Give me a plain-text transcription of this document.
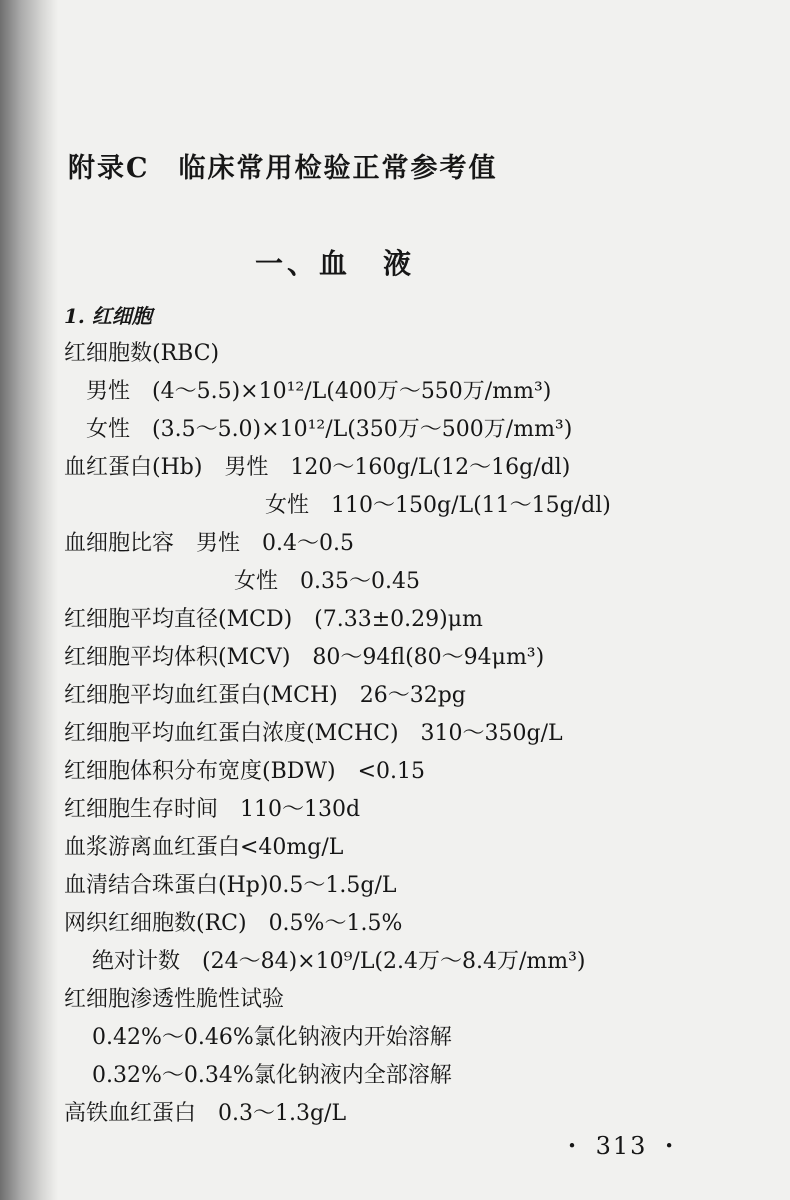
附录C　临床常用检验正常参考值
一、血　液
1. 红细胞
红细胞数(RBC)
男性　(4～5.5)×10¹²/L(400万～550万/mm³)
女性　(3.5～5.0)×10¹²/L(350万～500万/mm³)
血红蛋白(Hb)　男性　120～160g/L(12～16g/dl)
女性　110～150g/L(11～15g/dl)
血细胞比容　男性　0.4～0.5
女性　0.35～0.45
红细胞平均直径(MCD)　(7.33±0.29)μm
红细胞平均体积(MCV)　80～94fl(80～94μm³)
红细胞平均血红蛋白(MCH)　26～32pg
红细胞平均血红蛋白浓度(MCHC)　310～350g/L
红细胞体积分布宽度(BDW)　<0.15
红细胞生存时间　110～130d
血浆游离血红蛋白<40mg/L
血清结合珠蛋白(Hp)0.5～1.5g/L
网织红细胞数(RC)　0.5%～1.5%
绝对计数　(24～84)×10⁹/L(2.4万～8.4万/mm³)
红细胞渗透性脆性试验
0.42%～0.46%氯化钠液内开始溶解
0.32%～0.34%氯化钠液内全部溶解
高铁血红蛋白　0.3～1.3g/L
・ 313 ・
